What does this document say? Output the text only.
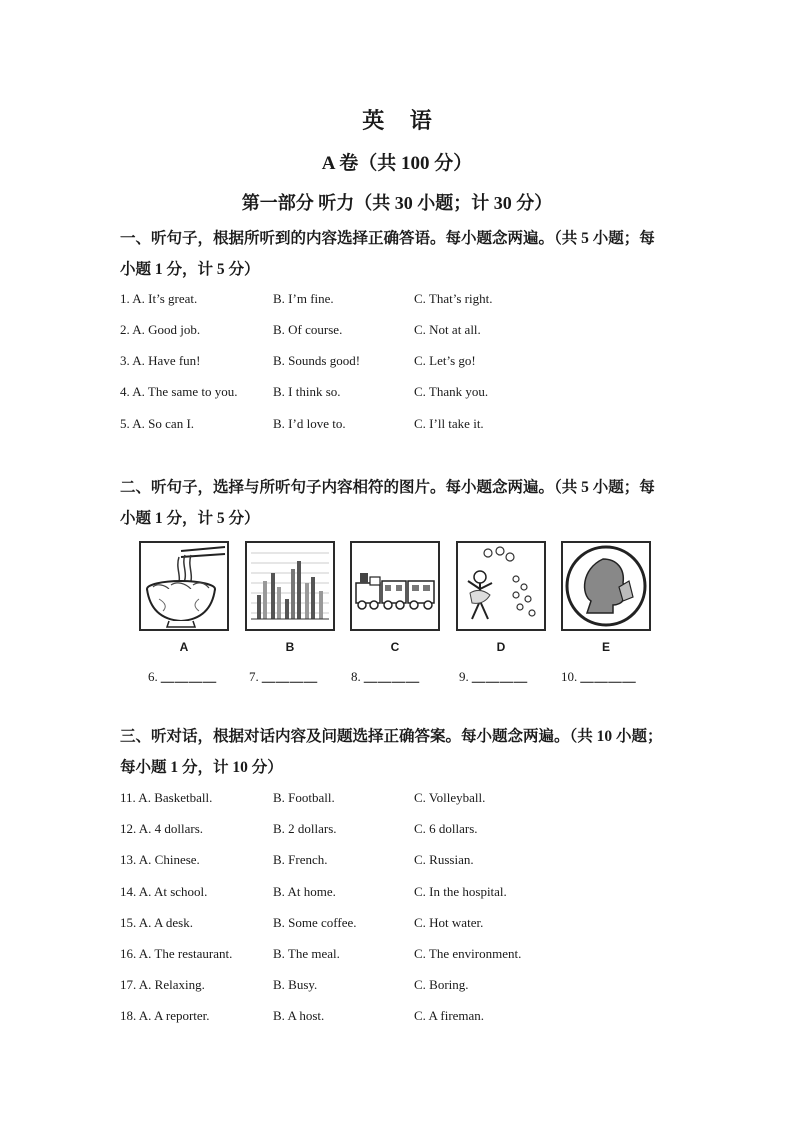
英 语
A 卷（共 100 分）
第一部分 听力（共 30 小题；计 30 分）
一、听句子，根据所听到的内容选择正确答语。每小题念两遍。（共 5 小题；每
小题 1 分，计 5 分）
1. A. It’s great.	B. I’m fine.	C. That’s right.
2. A. Good job.	B. Of course.	C. Not at all.
3. A. Have fun!	B. Sounds good!	C. Let’s go!
4. A. The same to you.	B. I think so.	C. Thank you.
5. A. So can I.	B. I’d love to.	C. I’ll take it.
二、听句子，选择与所听句子内容相符的图片。每小题念两遍。（共 5 小题；每
小题 1 分，计 5 分）
A	B	C	D	E
6. ＿＿＿＿ 7. ＿＿＿＿	8. ＿＿＿＿	9. ＿＿＿＿	10. ＿＿＿＿
三、听对话，根据对话内容及问题选择正确答案。每小题念两遍。（共 10 小题；
每小题 1 分，计 10 分）
11. A. Basketball.	B. Football.	C. Volleyball.
12. A. 4 dollars.	B. 2 dollars.	C. 6 dollars.
13. A. Chinese.	B. French.	C. Russian.
14. A. At school.	B. At home.	C. In the hospital.
15. A. A desk.	B. Some coffee.	C. Hot water.
16. A. The restaurant.	B. The meal.	C. The environment.
17. A. Relaxing.	B. Busy.	C. Boring.
18. A. A reporter.	B. A host.	C. A fireman.
